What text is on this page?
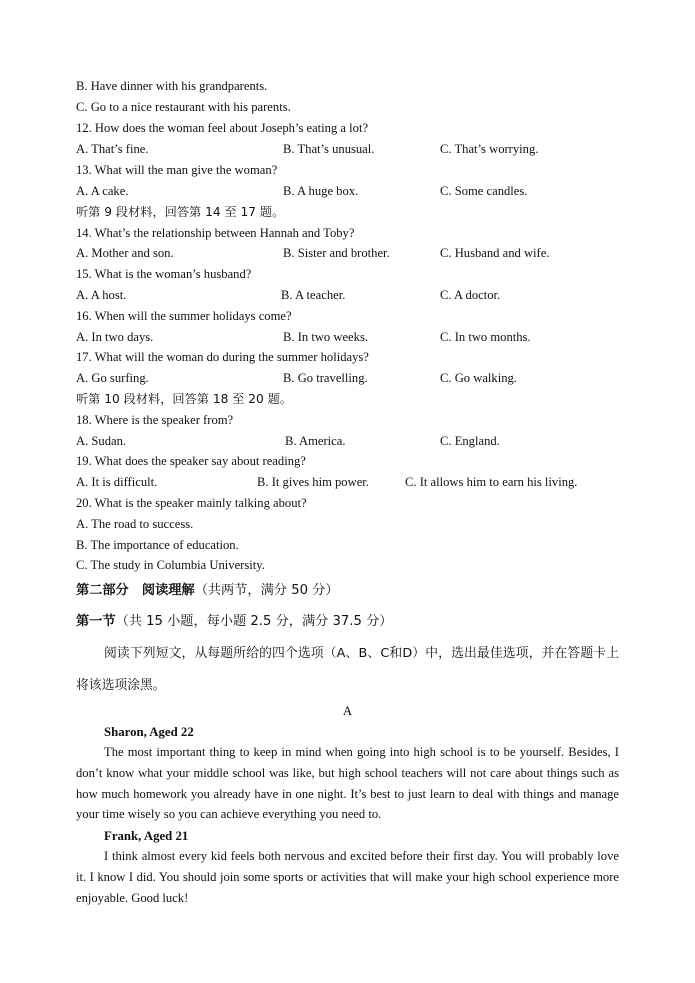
B. Have dinner with his grandparents.
C. Go to a nice restaurant with his parents.
12. How does the woman feel about Joseph’s eating a lot?
A. That’s fine.	B. That’s unusual.	C. That’s worrying.
13. What will the man give the woman?
A. A cake.	B. A huge box.	C. Some candles.
听第 9 段材料，回答第 14 至 17 题。
14. What’s the relationship between Hannah and Toby?
A. Mother and son.	B. Sister and brother.	C. Husband and wife.
15. What is the woman’s husband?
A. A host.	B. A teacher.	C. A doctor.
16. When will the summer holidays come?
A. In two days.	B. In two weeks.	C. In two months.
17. What will the woman do during the summer holidays?
A. Go surfing.	B. Go travelling.	C. Go walking.
听第 10 段材料，回答第 18 至 20 题。
18. Where is the speaker from?
A. Sudan.	B. America.	C. England.
19. What does the speaker say about reading?
A. It is difficult.	B. It gives him power.	C. It allows him to earn his living.
20. What is the speaker mainly talking about?
A. The road to success.
B. The importance of education.
C. The study in Columbia University.
第二部分　阅读理解（共两节，满分 50 分）
第一节（共 15 小题，每小题 2.5 分，满分 37.5 分）
阅读下列短文，从每题所给的四个选项（A、B、C和D）中，选出最佳选项，并在答题卡上将该选项涂黑。
A
Sharon, Aged 22
The most important thing to keep in mind when going into high school is to be yourself. Besides, I don’t know what your middle school was like, but high school teachers will not care about things such as how much homework you already have in one night. It’s best to just learn to deal with things and manage your time wisely so you can achieve everything you need to.
Frank, Aged 21
I think almost every kid feels both nervous and excited before their first day. You will probably love it. I know I did. You should join some sports or activities that will make your high school experience more enjoyable. Good luck!
